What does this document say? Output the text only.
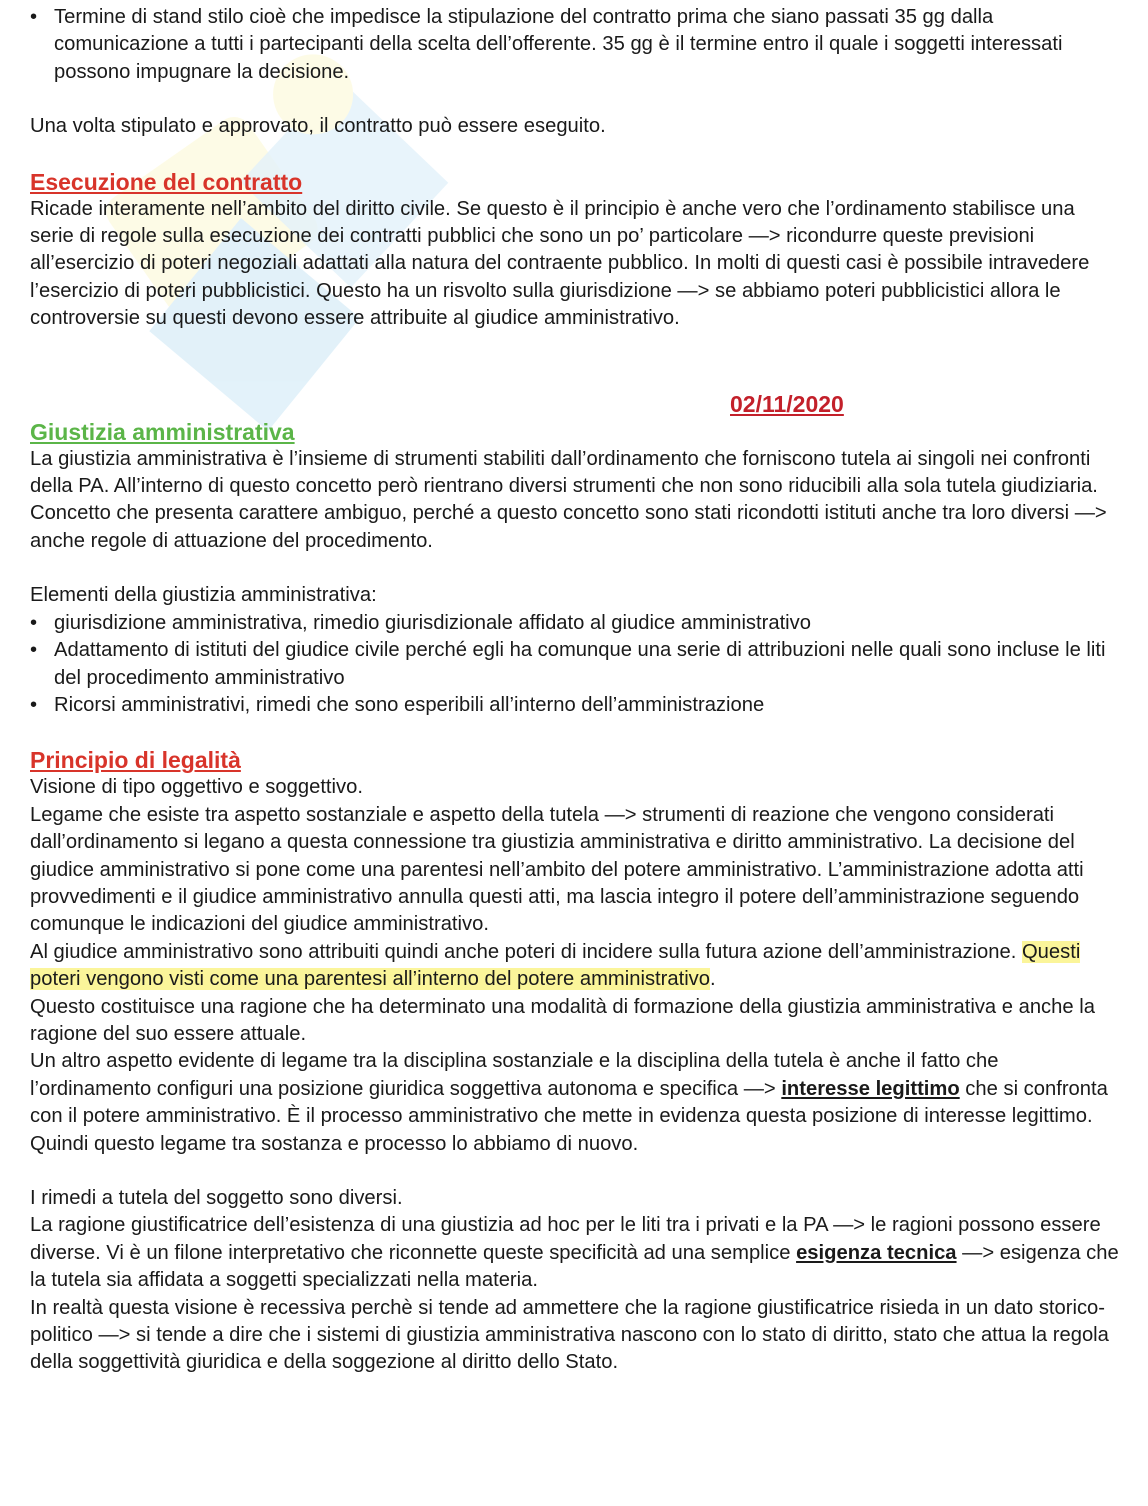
• Termine di stand stilo cioè che impedisce la stipulazione del contratto prima che siano passati 35 gg dalla comunicazione a tutti i partecipanti della scelta dell’offerente. 35 gg è il termine entro il quale i soggetti interessati possono impugnare la decisione.

Una volta stipulato e approvato, il contratto può essere eseguito.

Esecuzione del contratto

Ricade interamente nell’ambito del diritto civile. Se questo è il principio è anche vero che l’ordinamento stabilisce una serie di regole sulla esecuzione dei contratti pubblici che sono un po’ particolare —> ricondurre queste previsioni all’esercizio di poteri negoziali adattati alla natura del contraente pubblico. In molti di questi casi è possibile intravedere l’esercizio di poteri pubblicistici. Questo ha un risvolto sulla giurisdizione —> se abbiamo poteri pubblicistici allora le controversie su questi devono essere attribuite al giudice amministrativo.

02/11/2020
Giustizia amministrativa

La giustizia amministrativa è l’insieme di strumenti stabiliti dall’ordinamento che forniscono tutela ai singoli nei confronti della PA. All’interno di questo concetto però rientrano diversi strumenti che non sono riducibili alla sola tutela giudiziaria.

Concetto che presenta carattere ambiguo, perché a questo concetto sono stati ricondotti istituti anche tra loro diversi —> anche regole di attuazione del procedimento.

Elementi della giustizia amministrativa:

• giurisdizione amministrativa, rimedio giurisdizionale affidato al giudice amministrativo
• Adattamento di istituti del giudice civile perché egli ha comunque una serie di attribuzioni nelle quali sono incluse le liti del procedimento amministrativo
• Ricorsi amministrativi, rimedi che sono esperibili all’interno dell’amministrazione
Principio di legalità

Visione di tipo oggettivo e soggettivo.

Legame che esiste tra aspetto sostanziale e aspetto della tutela —> strumenti di reazione che vengono considerati dall’ordinamento si legano a questa connessione tra giustizia amministrativa e diritto amministrativo. La decisione del giudice amministrativo si pone come una parentesi nell’ambito del potere amministrativo. L’amministrazione adotta atti provvedimenti e il giudice amministrativo annulla questi atti, ma lascia integro il potere dell’amministrazione seguendo comunque le indicazioni del giudice amministrativo.

Al giudice amministrativo sono attribuiti quindi anche poteri di incidere sulla futura azione dell’amministrazione. Questi poteri vengono visti come una parentesi all’interno del potere amministrativo.

Questo costituisce una ragione che ha determinato una modalità di formazione della giustizia amministrativa e anche la ragione del suo essere attuale.

Un altro aspetto evidente di legame tra la disciplina sostanziale e la disciplina della tutela è anche il fatto che l’ordinamento configuri una posizione giuridica soggettiva autonoma e specifica —> interesse legittimo che si confronta con il potere amministrativo. È il processo amministrativo che mette in evidenza questa posizione di interesse legittimo.

Quindi questo legame tra sostanza e processo lo abbiamo di nuovo.

I rimedi a tutela del soggetto sono diversi.

La ragione giustificatrice dell’esistenza di una giustizia ad hoc per le liti tra i privati e la PA —> le ragioni possono essere diverse. Vi è un filone interpretativo che riconnette queste specificità ad una semplice esigenza tecnica —> esigenza che la tutela sia affidata a soggetti specializzati nella materia.

In realtà questa visione è recessiva perchè si tende ad ammettere che la ragione giustificatrice risieda in un dato storico-politico —> si tende a dire che i sistemi di giustizia amministrativa nascono con lo stato di diritto, stato che attua la regola della soggettività giuridica e della soggezione al diritto dello Stato.
